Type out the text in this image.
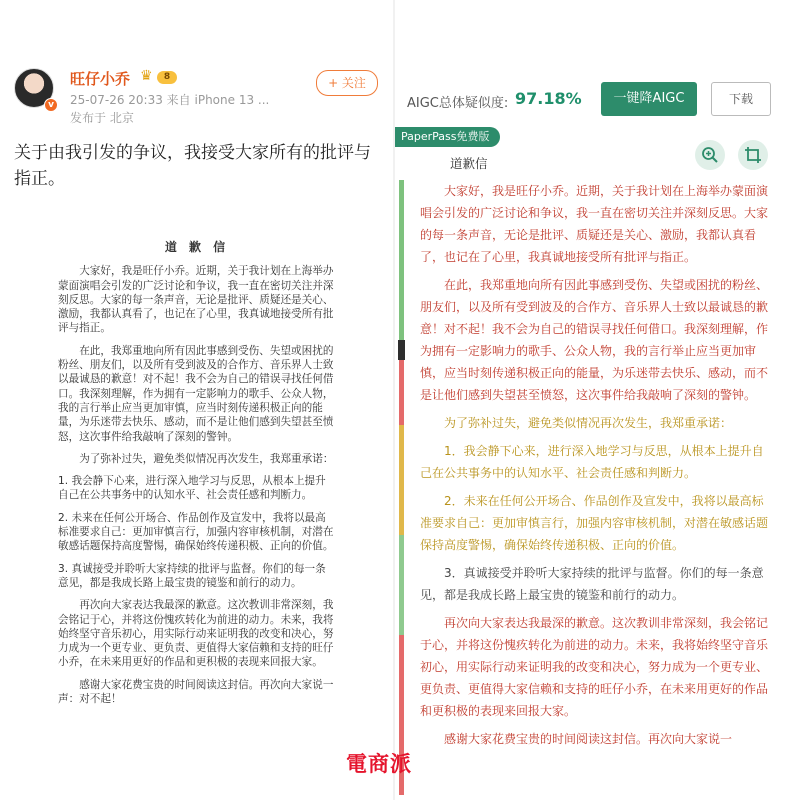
v
旺仔小乔 ♛	8
25-07-26 20:33 来自 iPhone 13 ...
发布于 北京
+ 关注
关于由我引发的争议，我接受大家所有的批评与指正。
道 歉 信

大家好，我是旺仔小乔。近期，关于我计划在上海举办蒙面演唱会引发的广泛讨论和争议，我一直在密切关注并深刻反思。大家的每一条声音，无论是批评、质疑还是关心、激励，我都认真看了，也记在了心里，我真诚地接受所有批评与指正。

在此，我郑重地向所有因此事感到受伤、失望或困扰的粉丝、朋友们，以及所有受到波及的合作方、音乐界人士致以最诚恳的歉意！对不起！我不会为自己的错误寻找任何借口。我深刻理解，作为拥有一定影响力的歌手、公众人物，我的言行举止应当更加审慎，应当时刻传递积极正向的能量，为乐迷带去快乐、感动，而不是让他们感到失望甚至愤怒，这次事件给我敲响了深刻的警钟。

为了弥补过失，避免类似情况再次发生，我郑重承诺：

1. 我会静下心来，进行深入地学习与反思，从根本上提升自己在公共事务中的认知水平、社会责任感和判断力。

2. 未来在任何公开场合、作品创作及宣发中，我将以最高标准要求自己：更加审慎言行，加强内容审核机制，对潜在敏感话题保持高度警惕，确保始终传递积极、正向的价值。

3. 真诚接受并聆听大家持续的批评与监督。你们的每一条意见，都是我成长路上最宝贵的镜鉴和前行的动力。

再次向大家表达我最深的歉意。这次教训非常深刻，我会铭记于心，并将这份愧疚转化为前进的动力。未来，我将始终坚守音乐初心，用实际行动来证明我的改变和决心，努力成为一个更专业、更负责、更值得大家信赖和支持的旺仔小乔，在未来用更好的作品和更积极的表现来回报大家。

感谢大家花费宝贵的时间阅读这封信。再次向大家说一声：对不起！

AIGC总体疑似度: 97.18%	一键降AIGC	下载
PaperPass免费版
道歉信

大家好，我是旺仔小乔。近期，关于我计划在上海举办蒙面演唱会引发的广泛讨论和争议，我一直在密切关注并深刻反思。大家的每一条声音，无论是批评、质疑还是关心、激励，我都认真看了，也记在了心里，我真诚地接受所有批评与指正。

在此，我郑重地向所有因此事感到受伤、失望或困扰的粉丝、朋友们，以及所有受到波及的合作方、音乐界人士致以最诚恳的歉意！对不起！我不会为自己的错误寻找任何借口。我深刻理解，作为拥有一定影响力的歌手、公众人物，我的言行举止应当更加审慎，应当时刻传递积极正向的能量，为乐迷带去快乐、感动，而不是让他们感到失望甚至愤怒，这次事件给我敲响了深刻的警钟。

为了弥补过失，避免类似情况再次发生，我郑重承诺：

1．我会静下心来，进行深入地学习与反思，从根本上提升自己在公共事务中的认知水平、社会责任感和判断力。

2．未来在任何公开场合、作品创作及宣发中，我将以最高标准要求自己：更加审慎言行，加强内容审核机制，对潜在敏感话题保持高度警惕，确保始终传递积极、正向的价值。

3．真诚接受并聆听大家持续的批评与监督。你们的每一条意见，都是我成长路上最宝贵的镜鉴和前行的动力。

再次向大家表达我最深的歉意。这次教训非常深刻，我会铭记于心，并将这份愧疚转化为前进的动力。未来，我将始终坚守音乐初心，用实际行动来证明我的改变和决心，努力成为一个更专业、更负责、更值得大家信赖和支持的旺仔小乔，在未来用更好的作品和更积极的表现来回报大家。

感谢大家花费宝贵的时间阅读这封信。再次向大家说一

電商派
